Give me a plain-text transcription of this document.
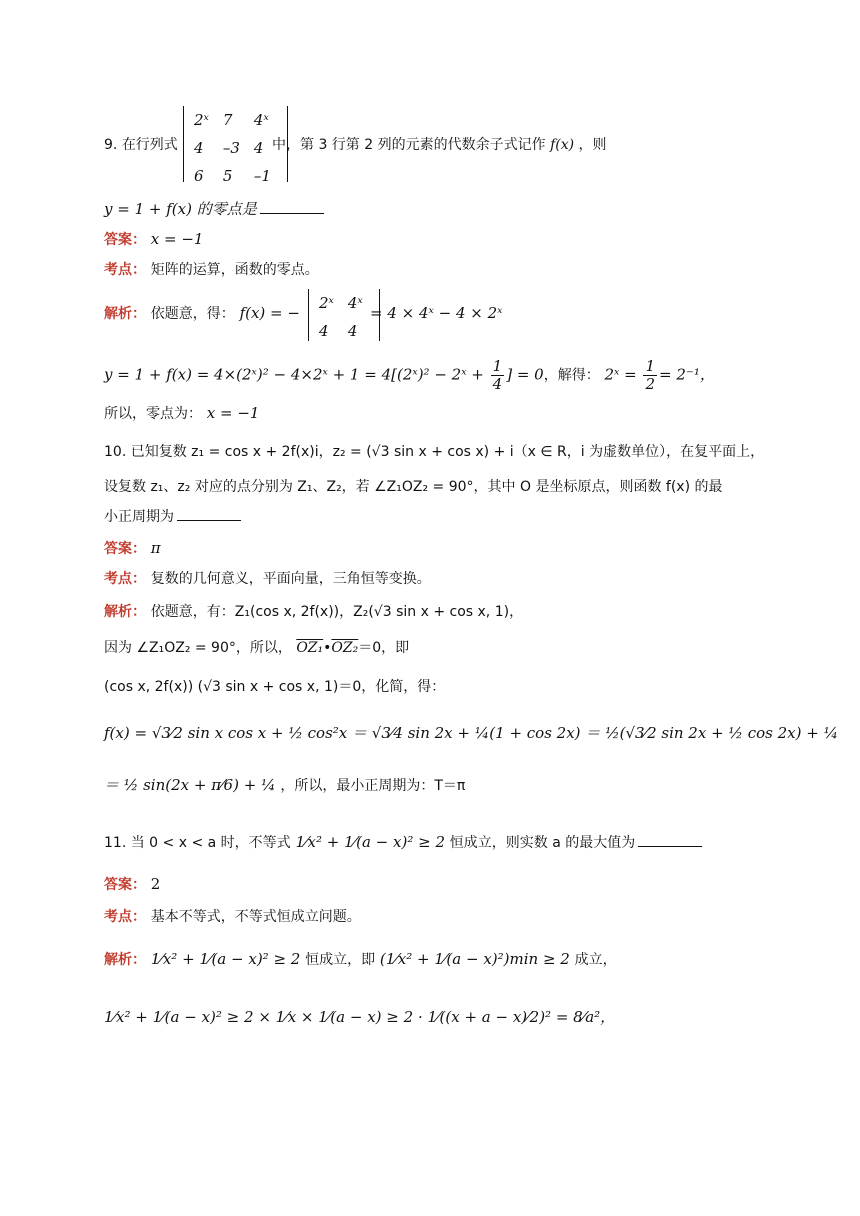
9. 在行列式
2ˣ	7	4ˣ
4	–3	4
6	5	–1
中，第 3 行第 2 列的元素的代数余子式记作 f(x) ，则
y = 1 + f(x) 的零点是
答案： x = −1
考点： 矩阵的运算，函数的零点。
解析： 依题意，得： f(x) = −
2ˣ	4ˣ
4	4
= 4 × 4ˣ − 4 × 2ˣ
y = 1 + f(x) = 4×(2ˣ)² − 4×2ˣ + 1 = 4[(2ˣ)² − 2ˣ + $\frac{1}{4}$ ] = 0，解得： 2ˣ = $\frac{1}{2} = 2^{-1}$，
所以，零点为： x = −1
10. 已知复数 z₁ = cos x + 2f(x)i，z₂ = (√3 sin x + cos x) + i（x ∈ R，i 为虚数单位），在复平面上，
设复数 z₁、z₂ 对应的点分别为 Z₁、Z₂，若 ∠Z₁OZ₂ = 90°，其中 O 是坐标原点，则函数 f(x) 的最
小正周期为
答案： π
考点： 复数的几何意义，平面向量，三角恒等变换。
解析： 依题意，有：Z₁(cos x, 2f(x))，Z₂(√3 sin x + cos x, 1)，
因为 ∠Z₁OZ₂ = 90°，所以， OZ₁•OZ₂＝0，即
(cos x, 2f(x)) (√3 sin x + cos x, 1)＝0，化简，得：
f(x) = √3⁄2 sin x cos x + ½ cos²x ＝ √3⁄4 sin 2x + ¼(1 + cos 2x) ＝ ½(√3⁄2 sin 2x + ½ cos 2x) + ¼
＝ ½ sin(2x + π⁄6) + ¼ ，所以，最小正周期为：T＝π
11. 当 0 < x < a 时，不等式 1⁄x² + 1⁄(a − x)² ≥ 2 恒成立，则实数 a 的最大值为
答案： 2
考点： 基本不等式，不等式恒成立问题。
解析： 1⁄x² + 1⁄(a − x)² ≥ 2 恒成立，即 (1⁄x² + 1⁄(a − x)²)min ≥ 2 成立，
1⁄x² + 1⁄(a − x)² ≥ 2 × 1⁄x × 1⁄(a − x) ≥ 2 · 1⁄((x + a − x)⁄2)² = 8⁄a²，
